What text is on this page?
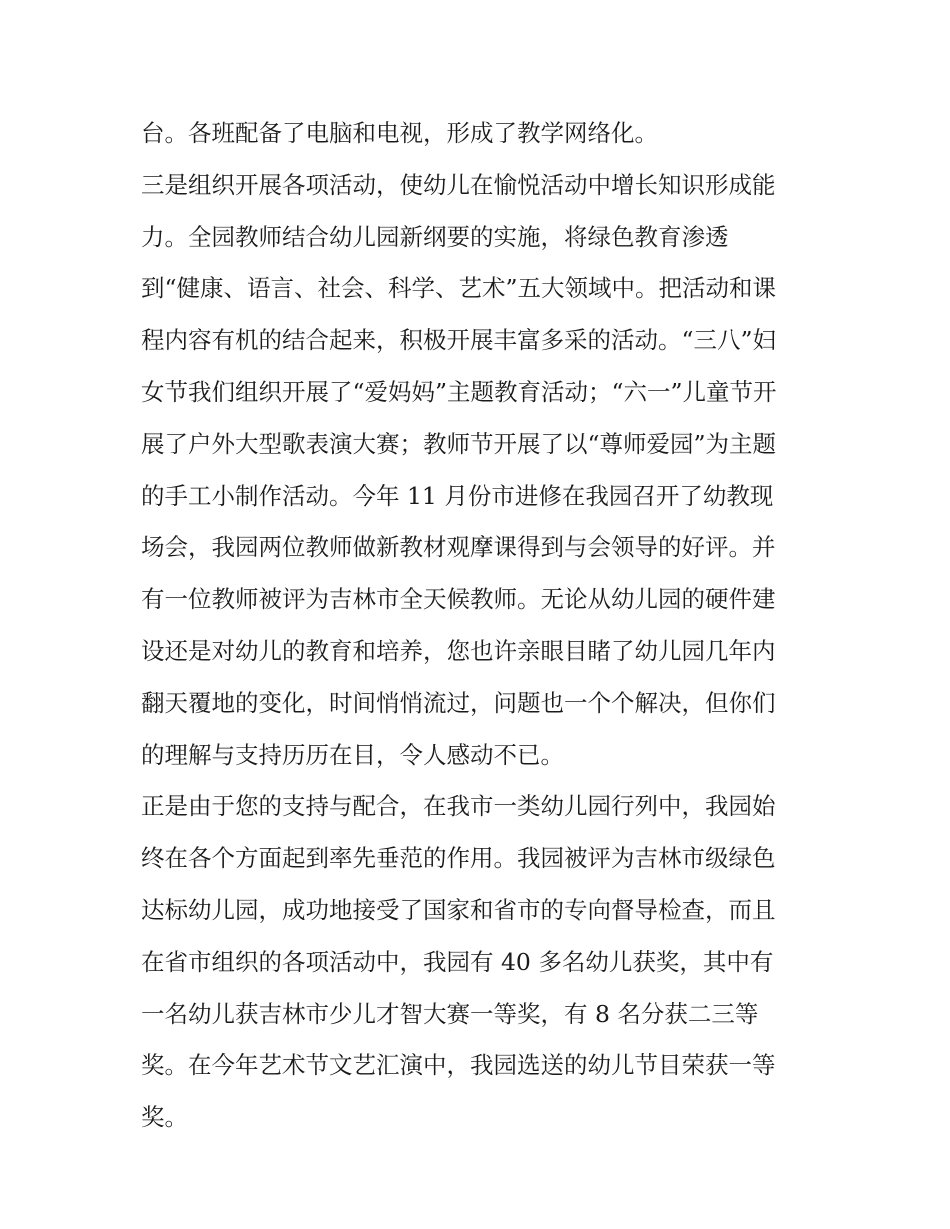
台。各班配备了电脑和电视，形成了教学网络化。
三是组织开展各项活动，使幼儿在愉悦活动中增长知识形成能
力。全园教师结合幼儿园新纲要的实施，将绿色教育渗透
到“健康、语言、社会、科学、艺术”五大领域中。把活动和课
程内容有机的结合起来，积极开展丰富多采的活动。“三八”妇
女节我们组织开展了“爱妈妈”主题教育活动；“六一”儿童节开
展了户外大型歌表演大赛；教师节开展了以“尊师爱园”为主题
的手工小制作活动。今年 11 月份市进修在我园召开了幼教现
场会，我园两位教师做新教材观摩课得到与会领导的好评。并
有一位教师被评为吉林市全天候教师。无论从幼儿园的硬件建
设还是对幼儿的教育和培养，您也许亲眼目睹了幼儿园几年内
翻天覆地的变化，时间悄悄流过，问题也一个个解决，但你们
的理解与支持历历在目，令人感动不已。
正是由于您的支持与配合，在我市一类幼儿园行列中，我园始
终在各个方面起到率先垂范的作用。我园被评为吉林市级绿色
达标幼儿园，成功地接受了国家和省市的专向督导检查，而且
在省市组织的各项活动中，我园有 40 多名幼儿获奖，其中有
一名幼儿获吉林市少儿才智大赛一等奖，有 8 名分获二三等
奖。在今年艺术节文艺汇演中，我园选送的幼儿节目荣获一等
奖。
